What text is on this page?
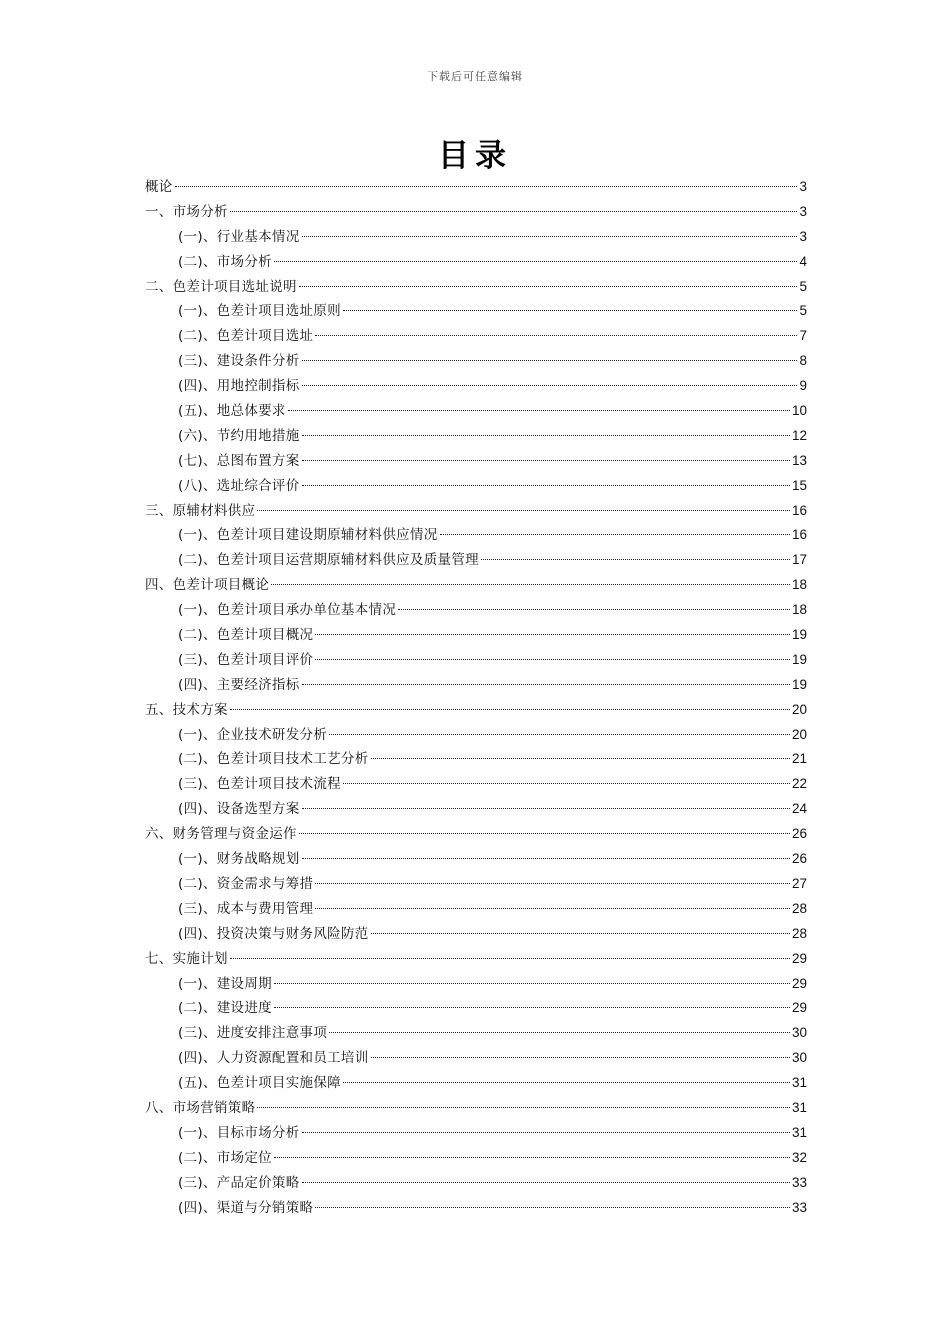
下载后可任意编辑
目录
概论	3
一、市场分析	3
(一)、行业基本情况	3
(二)、市场分析	4
二、色差计项目选址说明	5
(一)、色差计项目选址原则	5
(二)、色差计项目选址	7
(三)、建设条件分析	8
(四)、用地控制指标	9
(五)、地总体要求	10
(六)、节约用地措施	12
(七)、总图布置方案	13
(八)、选址综合评价	15
三、原辅材料供应	16
(一)、色差计项目建设期原辅材料供应情况	16
(二)、色差计项目运营期原辅材料供应及质量管理	17
四、色差计项目概论	18
(一)、色差计项目承办单位基本情况	18
(二)、色差计项目概况	19
(三)、色差计项目评价	19
(四)、主要经济指标	19
五、技术方案	20
(一)、企业技术研发分析	20
(二)、色差计项目技术工艺分析	21
(三)、色差计项目技术流程	22
(四)、设备选型方案	24
六、财务管理与资金运作	26
(一)、财务战略规划	26
(二)、资金需求与筹措	27
(三)、成本与费用管理	28
(四)、投资决策与财务风险防范	28
七、实施计划	29
(一)、建设周期	29
(二)、建设进度	29
(三)、进度安排注意事项	30
(四)、人力资源配置和员工培训	30
(五)、色差计项目实施保障	31
八、市场营销策略	31
(一)、目标市场分析	31
(二)、市场定位	32
(三)、产品定价策略	33
(四)、渠道与分销策略	33
